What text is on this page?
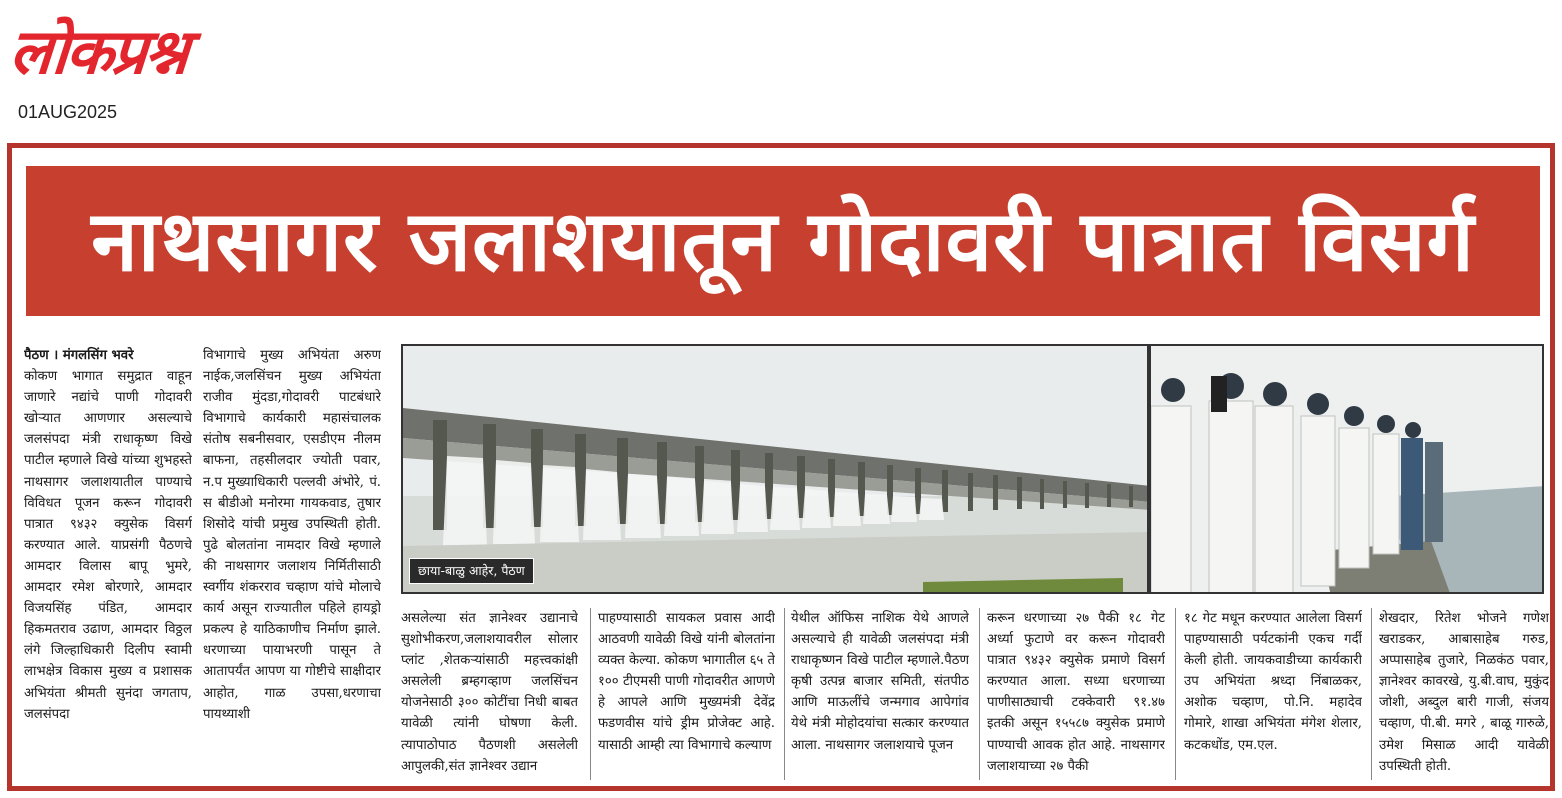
लोकप्रश्न
01AUG2025
नाथसागर जलाशयातून गोदावरी पात्रात विसर्ग
पैठण । मंगलसिंग भवरे
कोकण भागात समुद्रात वाहून जाणारे नद्यांचे पाणी गोदावरी खोऱ्यात आणणार असल्याचे जलसंपदा मंत्री राधाकृष्ण विखे पाटील म्हणाले विखे यांच्या शुभहस्ते नाथसागर जलाशयातील पाण्याचे विविधत पूजन करून गोदावरी पात्रात ९४३२ क्युसेक विसर्ग करण्यात आले. याप्रसंगी पैठणचे आमदार विलास बापू भुमरे, आमदार रमेश बोरणारे, आमदार विजयसिंह पंडित, आमदार हिकमतराव उढाण, आमदार विठ्ठल लंगे जिल्हाधिकारी दिलीप स्वामी लाभक्षेत्र विकास मुख्य व प्रशासक अभियंता श्रीमती सुनंदा जगताप, जलसंपदा
विभागाचे मुख्य अभियंता अरुण नाईक,जलसिंचन मुख्य अभियंता राजीव मुंदडा,गोदावरी पाटबंधारे विभागाचे कार्यकारी महासंचालक संतोष सबनीसवार, एसडीएम नीलम बाफना, तहसीलदार ज्योती पवार, न.प मुख्याधिकारी पल्लवी अंभोरे, पं. स बीडीओ मनोरमा गायकवाड, तुषार शिसोदे यांची प्रमुख उपस्थिती होती. पुढे बोलतांना नामदार विखे म्हणाले की नाथसागर जलाशय निर्मितीसाठी स्वर्गीय शंकरराव चव्हाण यांचे मोलाचे कार्य असून राज्यातील पहिले हायड्रो प्रकल्प हे याठिकाणीच निर्माण झाले. धरणाच्या पायाभरणी पासून ते आतापर्यंत आपण या गोष्टीचे साक्षीदार आहोत, गाळ उपसा,धरणाचा पायथ्याशी
छाया-बाळु आहेर, पैठण
असलेल्या संत ज्ञानेश्वर उद्यानाचे सुशोभीकरण,जलाशयावरील सोलार प्लांट ,शेतकऱ्यांसाठी महत्त्वकांक्षी असलेली ब्रम्हगव्हाण जलसिंचन योजनेसाठी ३०० कोटींचा निधी बाबत यावेळी त्यांनी घोषणा केली. त्यापाठोपाठ पैठणशी असलेली आपुलकी,संत ज्ञानेश्वर उद्यान
पाहण्यासाठी सायकल प्रवास आदी आठवणी यावेळी विखे यांनी बोलतांना व्यक्त केल्या. कोकण भागातील ६५ ते १०० टीएमसी पाणी गोदावरीत आणणे हे आपले आणि मुख्यमंत्री देवेंद्र फडणवीस यांचे ड्रीम प्रोजेक्ट आहे. यासाठी आम्ही त्या विभागाचे कल्याण
येथील ऑफिस नाशिक येथे आणले असल्याचे ही यावेळी जलसंपदा मंत्री राधाकृष्णन विखे पाटील म्हणाले.पैठण कृषी उत्पन्न बाजार समिती, संतपीठ आणि माऊलींचे जन्मगाव आपेगांव येथे मंत्री मोहोदयांचा सत्कार करण्यात आला. नाथसागर जलाशयाचे पूजन
करून धरणाच्या २७ पैकी १८ गेट अर्ध्या फुटाणे वर करून गोदावरी पात्रात ९४३२ क्युसेक प्रमाणे विसर्ग करण्यात आला. सध्या धरणाच्या पाणीसाठ्याची टक्केवारी ९१.४७ इतकी असून १५५८७ क्युसेक प्रमाणे पाण्याची आवक होत आहे. नाथसागर जलाशयाच्या २७ पैकी
१८ गेट मधून करण्यात आलेला विसर्ग पाहण्यासाठी पर्यटकांनी एकच गर्दी केली होती. जायकवाडीच्या कार्यकारी उप अभियंता श्रध्दा निंबाळकर, अशोक चव्हाण, पो.नि. महादेव गोमारे, शाखा अभियंता मंगेश शेलार, कटकधोंड, एम.एल.
शेखदार, रितेश भोजने गणेश खराडकर, आबासाहेब गरुड, अप्पासाहेब तुजारे, निळकंठ पवार, ज्ञानेश्वर कावरखे, यु.बी.वाघ, मुकुंद जोशी, अब्दुल बारी गाजी, संजय चव्हाण, पी.बी. मगरे , बाळू गारुळे, उमेश मिसाळ आदी यावेळी उपस्थिती होती.
